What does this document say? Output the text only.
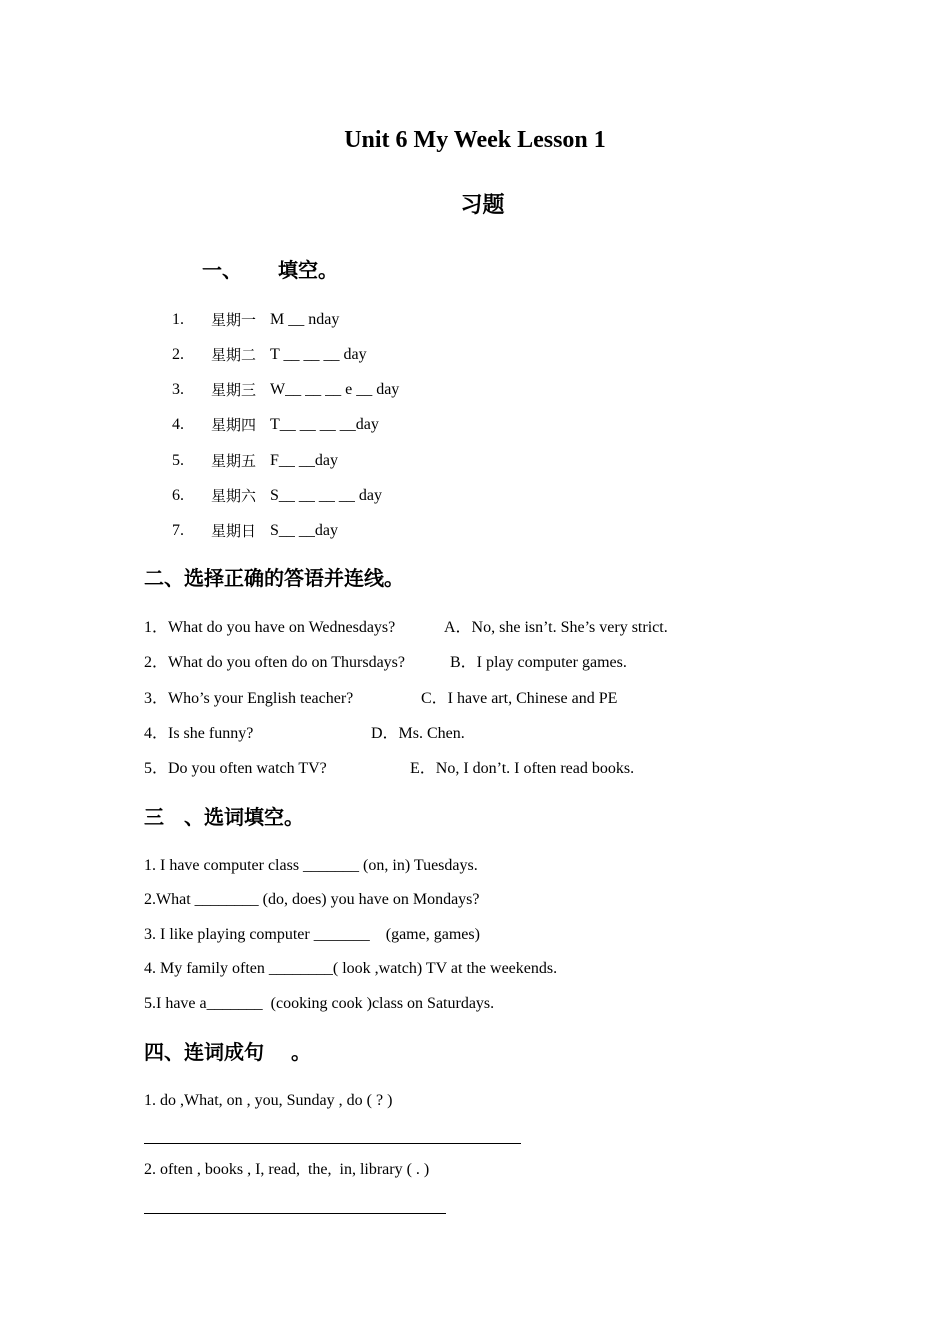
Unit 6 My Week Lesson 1
习题
一、 填空。
1. 星期一 M __ nday
2. 星期二 T __ __ __ day
3. 星期三 W__ __ __ e __ day
4. 星期四 T__ __ __ __day
5. 星期五 F__ __day
6. 星期六 S__ __ __ __ day
7. 星期日 S__ __day
二、选择正确的答语并连线。
1．What do you have on Wednesdays?
2．What do you often do on Thursdays?
3．Who’s your English teacher?
4．Is she funny?
5．Do you often watch TV?
A．No, she isn’t. She’s very strict.
B．I play computer games.
C．I have art, Chinese and PE
D．Ms. Chen.
E．No, I don’t. I often read books.
三　、选词填空。
1. I have computer class _______ (on, in) Tuesdays.
2.What ________ (do, does) you have on Mondays?
3. I like playing computer _______    (game, games)
4. My family often ________( look ,watch) TV at the weekends.
5.I have a_______  (cooking cook )class on Saturdays.
四、连词成句　 。
1. do ,What, on , you, Sunday , do ( ? )
2. often , books , I, read,  the,  in, library ( . )
